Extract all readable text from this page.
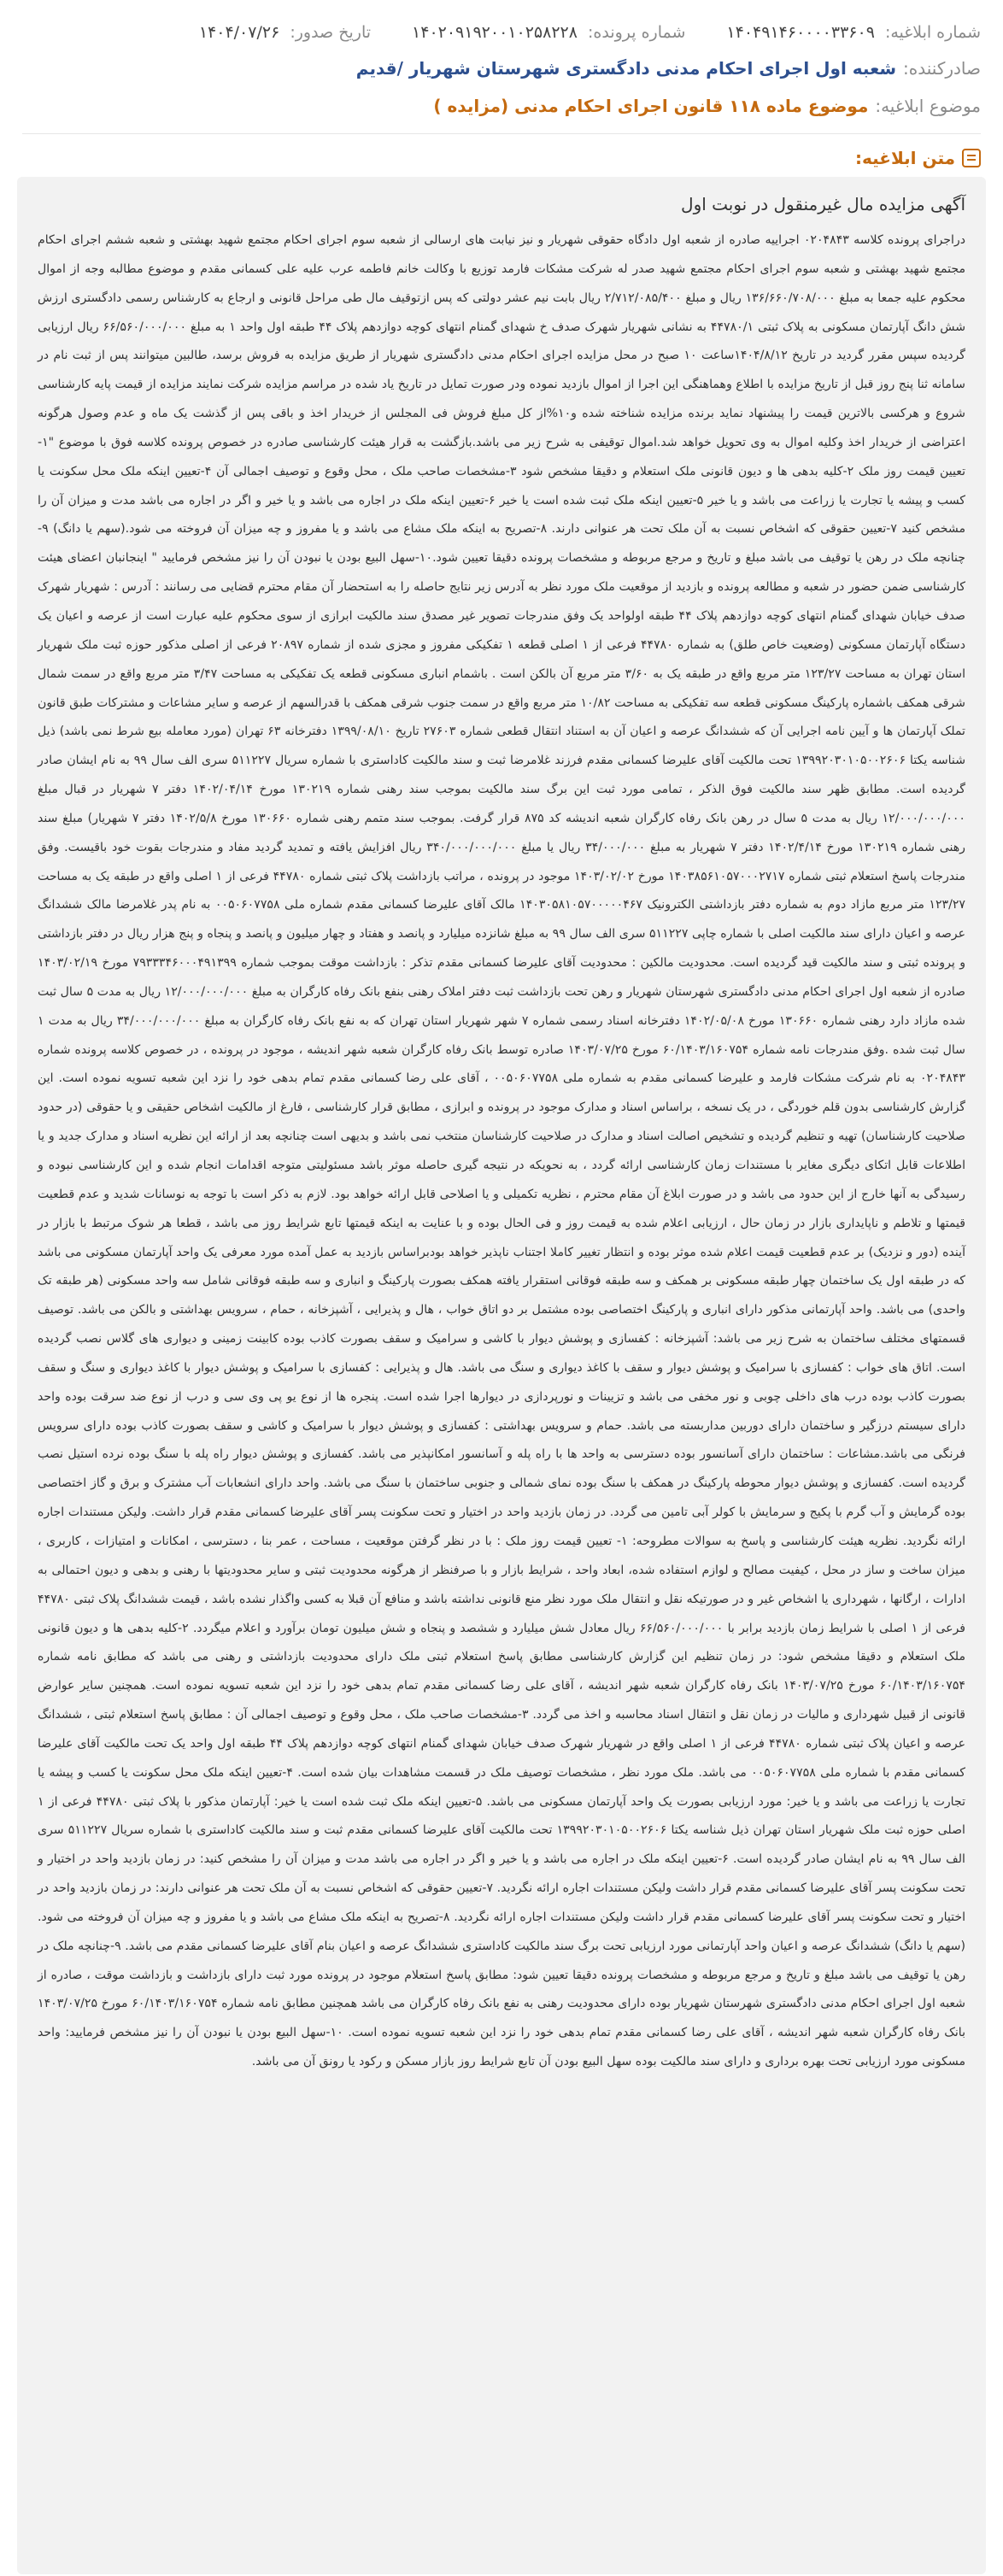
شماره ابلاغیه: ۱۴۰۴۹۱۴۶۰۰۰۰۳۳۶۰۹
شماره پرونده: ۱۴۰۲۰۹۱۹۲۰۰۱۰۲۵۸۲۲۸
تاریخ صدور: ۱۴۰۴/۰۷/۲۶
صادرکننده:
شعبه اول اجرای احکام مدنی دادگستری شهرستان شهریار /قدیم
موضوع ابلاغیه:
موضوع ماده ۱۱۸ قانون اجرای احکام مدنی (مزایده )
متن ابلاغیه:
آگهی مزایده مال غیرمنقول در نوبت اول

دراجرای پرونده کلاسه ۰۲۰۴۸۴۳ اجراییه صادره از شعبه اول دادگاه حقوقی شهریار و نیز نیابت های ارسالی از شعبه سوم اجرای احکام مجتمع شهید بهشتی و شعبه ششم اجرای احکام مجتمع شهید بهشتی و شعبه سوم اجرای احکام مجتمع شهید صدر له شرکت مشکات فارمد توزیع با وکالت خانم فاطمه عرب علیه علی کسمانی مقدم و موضوع مطالبه وجه از اموال محکوم علیه جمعا به مبلغ ۱۳۶/۶۶۰/۷۰۸/۰۰۰ ریال و مبلغ ۲/۷۱۲/۰۸۵/۴۰۰ ریال بابت نیم عشر دولتی که پس ازتوقیف مال طی مراحل قانونی و ارجاع به کارشناس رسمی دادگستری ارزش شش دانگ آپارتمان مسکونی به پلاک ثبتی ۴۴۷۸۰/۱ به نشانی شهریار شهرک صدف خ شهدای گمنام انتهای کوچه دوازدهم پلاک ۴۴ طبقه اول واحد ۱ به مبلغ ۶۶/۵۶۰/۰۰۰/۰۰۰ ریال ارزیابی گردیده سپس مقرر گردید در تاریخ ۱۴۰۴/۸/۱۲ساعت ۱۰ صبح در محل مزایده اجرای احکام مدنی دادگستری شهریار از طریق مزایده به فروش برسد، طالبین میتوانند پس از ثبت نام در سامانه ثنا پنج روز قبل از تاریخ مزایده با اطلاع وهماهنگی این اجرا از اموال بازدید نموده ودر صورت تمایل در تاریخ یاد شده در مراسم مزایده شرکت نمایند مزایده از قیمت پایه کارشناسی شروع و هرکسی بالاترین قیمت را پیشنهاد نماید برنده مزایده شناخته شده و۱۰%از کل مبلغ فروش فی المجلس از خریدار اخذ و باقی پس از گذشت یک ماه و عدم وصول هرگونه اعتراضی از خریدار اخذ وکلیه اموال به وی تحویل خواهد شد.اموال توقیفی به شرح زیر می باشد.بازگشت به قرار هیئت کارشناسی صادره در خصوص پرونده کلاسه فوق با موضوع "۱-تعیین قیمت روز ملک ۲-کلیه بدهی ها و دیون قانونی ملک استعلام و دقیقا مشخص شود ۳-مشخصات صاحب ملک ، محل وقوع و توصیف اجمالی آن ۴-تعیین اینکه ملک محل سکونت یا کسب و پیشه یا تجارت یا زراعت می باشد و یا خیر ۵-تعیین اینکه ملک ثبت شده است یا خیر ۶-تعیین اینکه ملک در اجاره می باشد و یا خیر و اگر در اجاره می باشد مدت و میزان آن را مشخص کنید ۷-تعیین حقوقی که اشخاص نسبت به آن ملک تحت هر عنوانی دارند. ۸-تصریح به اینکه ملک مشاع می باشد و یا مفروز و چه میزان آن فروخته می شود.(سهم یا دانگ) ۹-چنانچه ملک در رهن یا توقیف می باشد مبلغ و تاریخ و مرجع مربوطه و مشخصات پرونده دقیقا تعیین شود.۱۰-سهل البیع بودن یا نبودن آن را نیز مشخص فرمایید " اینجانبان اعضای هیئت کارشناسی ضمن حضور در شعبه و مطالعه پرونده و بازدید از موقعیت ملک مورد نظر به آدرس زیر نتایج حاصله را به استحضار آن مقام محترم قضایی می رسانند : آدرس : شهریار شهرک صدف خیابان شهدای گمنام انتهای کوچه دوازدهم پلاک ۴۴ طبقه اولواحد یک وفق مندرجات تصویر غیر مصدق سند مالکیت ابرازی از سوی محکوم علیه عبارت است از عرصه و اعیان یک دستگاه آپارتمان مسکونی (وضعیت خاص طلق) به شماره ۴۴۷۸۰ فرعی از ۱ اصلی قطعه ۱ تفکیکی مفروز و مجزی شده از شماره ۲۰۸۹۷ فرعی از اصلی مذکور حوزه ثبت ملک شهریار استان تهران به مساحت ۱۲۳/۲۷ متر مربع واقع در طبقه یک به ۳/۶۰ متر مربع آن بالکن است . باشمام انباری مسکونی قطعه یک تفکیکی به مساحت ۳/۴۷ متر مربع واقع در سمت شمال شرقی همکف باشماره پارکینگ مسکونی قطعه سه تفکیکی به مساحت ۱۰/۸۲ متر مربع واقع در سمت جنوب شرقی همکف با قدرالسهم از عرصه و سایر مشاعات و مشترکات طبق قانون تملک آپارتمان ها و آیین نامه اجرایی آن که ششدانگ عرصه و اعیان آن به استناد انتقال قطعی شماره ۲۷۶۰۳ تاریخ ۱۳۹۹/۰۸/۱۰ دفترخانه ۶۳ تهران (مورد معامله بیع شرط نمی باشد) ذیل شناسه یکتا ۱۳۹۹۲۰۳۰۱۰۵۰۰۲۶۰۶ تحت مالکیت آقای علیرضا کسمانی مقدم فرزند غلامرضا ثبت و سند مالکیت کاداستری با شماره سریال ۵۱۱۲۲۷ سری الف سال ۹۹ به نام ایشان صادر گردیده است. مطابق ظهر سند مالکیت فوق الذکر ، تمامی مورد ثبت این برگ سند مالکیت بموجب سند رهنی شماره ۱۳۰۲۱۹ مورخ ۱۴۰۲/۰۴/۱۴ دفتر ۷ شهریار در قبال مبلغ ۱۲/۰۰۰/۰۰۰/۰۰۰ ریال به مدت ۵ سال در رهن بانک رفاه کارگران شعبه اندیشه کد ۸۷۵ قرار گرفت. بموجب سند متمم رهنی شماره ۱۳۰۶۶۰ مورخ ۱۴۰۲/۵/۸ دفتر ۷ شهریار) مبلغ سند رهنی شماره ۱۳۰۲۱۹ مورخ ۱۴۰۲/۴/۱۴ دفتر ۷ شهریار به مبلغ ۳۴/۰۰۰/۰۰۰ ریال یا مبلغ ۳۴۰/۰۰۰/۰۰۰/۰۰۰ ریال افزایش یافته و تمدید گردید مفاد و مندرجات بقوت خود باقیست. وفق مندرجات پاسخ استعلام ثبتی شماره ۱۴۰۳۸۵۶۱۰۵۷۰۰۰۲۷۱۷ مورخ ۱۴۰۳/۰۲/۰۲ موجود در پرونده ، مراتب بازداشت پلاک ثبتی شماره ۴۴۷۸۰ فرعی از ۱ اصلی واقع در طبقه یک به مساحت ۱۲۳/۲۷ متر مربع مازاد دوم به شماره دفتر بازداشتی الکترونیک ۱۴۰۳۰۵۸۱۰۵۷۰۰۰۰۰۴۶۷ مالک آقای علیرضا کسمانی مقدم شماره ملی ۰۰۵۰۶۰۷۷۵۸ به نام پدر غلامرضا مالک ششدانگ عرصه و اعیان دارای سند مالکیت اصلی با شماره چاپی ۵۱۱۲۲۷ سری الف سال ۹۹ به مبلغ شانزده میلیارد و پانصد و هفتاد و چهار میلیون و پانصد و پنجاه و پنج هزار ریال در دفتر بازداشتی و پرونده ثبتی و سند مالکیت قید گردیده است. محدودیت مالکین : محدودیت آقای علیرضا کسمانی مقدم تذکر : بازداشت موقت بموجب شماره ۷۹۳۳۳۴۶۰۰۰۴۹۱۳۹۹ مورخ ۱۴۰۳/۰۲/۱۹ صادره از شعبه اول اجرای احکام مدنی دادگستری شهرستان شهریار و رهن تحت بازداشت ثبت دفتر املاک رهنی بنفع بانک رفاه کارگران به مبلغ ۱۲/۰۰۰/۰۰۰/۰۰۰ ریال به مدت ۵ سال ثبت شده مازاد دارد رهنی شماره ۱۳۰۶۶۰ مورخ ۱۴۰۲/۰۵/۰۸ دفترخانه اسناد رسمی شماره ۷ شهر شهریار استان تهران که به نفع بانک رفاه کارگران به مبلغ ۳۴/۰۰۰/۰۰۰/۰۰۰ ریال به مدت ۱ سال ثبت شده .وفق مندرجات نامه شماره ۶۰/۱۴۰۳/۱۶۰۷۵۴ مورخ ۱۴۰۳/۰۷/۲۵ صادره توسط بانک رفاه کارگران شعبه شهر اندیشه ، موجود در پرونده ، در خصوص کلاسه پرونده شماره ۰۲۰۴۸۴۳ به نام شرکت مشکات فارمد و علیرضا کسمانی مقدم به شماره ملی ۰۰۵۰۶۰۷۷۵۸ ، آقای علی رضا کسمانی مقدم تمام بدهی خود را نزد این شعبه تسویه نموده است. این گزارش کارشناسی بدون قلم خوردگی ، در یک نسخه ، براساس اسناد و مدارک موجود در پرونده و ابرازی ، مطابق قرار کارشناسی ، فارغ از مالکیت اشخاص حقیقی و یا حقوقی (در حدود صلاحیت کارشناسان) تهیه و تنظیم گردیده و تشخیص اصالت اسناد و مدارک در صلاحیت کارشناسان منتخب نمی باشد و بدیهی است چنانچه بعد از ارائه این نظریه اسناد و مدارک جدید و یا اطلاعات قابل اتکای دیگری مغایر با مستندات زمان کارشناسی ارائه گردد ، به نحویکه در نتیجه گیری حاصله موثر باشد مسئولیتی متوجه اقدامات انجام شده و این کارشناسی نبوده و رسیدگی به آنها خارج از این حدود می باشد و در صورت ابلاغ آن مقام محترم ، نظریه تکمیلی و یا اصلاحی قابل ارائه خواهد بود. لازم به ذکر است با توجه به نوسانات شدید و عدم قطعیت قیمتها و تلاطم و ناپایداری بازار در زمان حال ، ارزیابی اعلام شده به قیمت روز و فی الحال بوده و با عنایت به اینکه قیمتها تابع شرایط روز می باشد ، قطعا هر شوک مرتبط با بازار در آینده (دور و نزدیک) بر عدم قطعیت قیمت اعلام شده موثر بوده و انتظار تغییر کاملا اجتناب ناپذیر خواهد بودبراساس بازدید به عمل آمده مورد معرفی یک واحد آپارتمان مسکونی می باشد که در طبقه اول یک ساختمان چهار طبقه مسکونی بر همکف و سه طبقه فوقانی استقرار یافته همکف بصورت پارکینگ و انباری و سه طبقه فوقانی شامل سه واحد مسکونی (هر طبقه تک واحدی) می باشد. واحد آپارتمانی مذکور دارای انباری و پارکینگ اختصاصی بوده مشتمل بر دو اتاق خواب ، هال و پذیرایی ، آشپزخانه ، حمام ، سرویس بهداشتی و بالکن می باشد. توصیف قسمتهای مختلف ساختمان به شرح زیر می باشد: آشپزخانه : کفسازی و پوشش دیوار با کاشی و سرامیک و سقف بصورت کاذب بوده کابینت زمینی و دیواری های گلاس نصب گردیده است. اتاق های خواب : کفسازی با سرامیک و پوشش دیوار و سقف با کاغذ دیواری و سنگ می باشد. هال و پذیرایی : کفسازی با سرامیک و پوشش دیوار با کاغذ دیواری و سنگ و سقف بصورت کاذب بوده درب های داخلی چوبی و نور مخفی می باشد و تزیینات و نورپردازی در دیوارها اجرا شده است. پنجره ها از نوع یو پی وی سی و درب از نوع ضد سرقت بوده واحد دارای سیستم درزگیر و ساختمان دارای دوربین مداربسته می باشد. حمام و سرویس بهداشتی : کفسازی و پوشش دیوار با سرامیک و کاشی و سقف بصورت کاذب بوده دارای سرویس فرنگی می باشد.مشاعات : ساختمان دارای آسانسور بوده دسترسی به واحد ها با راه پله و آسانسور امکانپذیر می باشد. کفسازی و پوشش دیوار راه پله با سنگ بوده نرده استیل نصب گردیده است. کفسازی و پوشش دیوار محوطه پارکینگ در همکف با سنگ بوده نمای شمالی و جنوبی ساختمان با سنگ می باشد. واحد دارای انشعابات آب مشترک و برق و گاز اختصاصی بوده گرمایش و آب گرم با پکیج و سرمایش با کولر آبی تامین می گردد. در زمان بازدید واحد در اختیار و تحت سکونت پسر آقای علیرضا کسمانی مقدم قرار داشت. ولیکن مستندات اجاره ارائه نگردید. نظریه هیئت کارشناسی و پاسخ به سوالات مطروحه: ۱- تعیین قیمت روز ملک : با در نظر گرفتن موقعیت ، مساحت ، عمر بنا ، دسترسی ، امکانات و امتیازات ، کاربری ، میزان ساخت و ساز در محل ، کیفیت مصالح و لوازم استفاده شده، ابعاد واحد ، شرایط بازار و با صرفنظر از هرگونه محدودیت ثبتی و سایر محدودیتها با رهنی و بدهی و دیون احتمالی به ادارات ، ارگانها ، شهرداری یا اشخاص غیر و در صورتیکه نقل و انتقال ملک مورد نظر منع قانونی نداشته باشد و منافع آن قبلا به کسی واگذار نشده باشد ، قیمت ششدانگ پلاک ثبتی ۴۴۷۸۰ فرعی از ۱ اصلی با شرایط زمان بازدید برابر با ۶۶/۵۶۰/۰۰۰/۰۰۰ ریال معادل شش میلیارد و ششصد و پنجاه و شش میلیون تومان برآورد و اعلام میگردد. ۲-کلیه بدهی ها و دیون قانونی ملک استعلام و دقیقا مشخص شود: در زمان تنظیم این گزارش کارشناسی مطابق پاسخ استعلام ثبتی ملک دارای محدودیت بازداشتی و رهنی می باشد که مطابق نامه شماره ۶۰/۱۴۰۳/۱۶۰۷۵۴ مورخ ۱۴۰۳/۰۷/۲۵ بانک رفاه کارگران شعبه شهر اندیشه ، آقای علی رضا کسمانی مقدم تمام بدهی خود را نزد این شعبه تسویه نموده است. همچنین سایر عوارض قانونی از قبیل شهرداری و مالیات در زمان نقل و انتقال اسناد محاسبه و اخذ می گردد. ۳-مشخصات صاحب ملک ، محل وقوع و توصیف اجمالی آن : مطابق پاسخ استعلام ثبتی ، ششدانگ عرصه و اعیان پلاک ثبتی شماره ۴۴۷۸۰ فرعی از ۱ اصلی واقع در شهریار شهرک صدف خیابان شهدای گمنام انتهای کوچه دوازدهم پلاک ۴۴ طبقه اول واحد یک تحت مالکیت آقای علیرضا کسمانی مقدم با شماره ملی ۰۰۵۰۶۰۷۷۵۸ می باشد. ملک مورد نظر ، مشخصات توصیف ملک در قسمت مشاهدات بیان شده است. ۴-تعیین اینکه ملک محل سکونت یا کسب و پیشه یا تجارت یا زراعت می باشد و یا خیر: مورد ارزیابی بصورت یک واحد آپارتمان مسکونی می باشد. ۵-تعیین اینکه ملک ثبت شده است یا خیر: آپارتمان مذکور با پلاک ثبتی ۴۴۷۸۰ فرعی از ۱ اصلی حوزه ثبت ملک شهریار استان تهران ذیل شناسه یکتا ۱۳۹۹۲۰۳۰۱۰۵۰۰۲۶۰۶ تحت مالکیت آقای علیرضا کسمانی مقدم ثبت و سند مالکیت کاداستری با شماره سریال ۵۱۱۲۲۷ سری الف سال ۹۹ به نام ایشان صادر گردیده است. ۶-تعیین اینکه ملک در اجاره می باشد و یا خیر و اگر در اجاره می باشد مدت و میزان آن را مشخص کنید: در زمان بازدید واحد در اختیار و تحت سکونت پسر آقای علیرضا کسمانی مقدم قرار داشت ولیکن مستندات اجاره ارائه نگردید. ۷-تعیین حقوقی که اشخاص نسبت به آن ملک تحت هر عنوانی دارند: در زمان بازدید واحد در اختیار و تحت سکونت پسر آقای علیرضا کسمانی مقدم قرار داشت ولیکن مستندات اجاره ارائه نگردید. ۸-تصریح به اینکه ملک مشاع می باشد و یا مفروز و چه میزان آن فروخته می شود.(سهم یا دانگ) ششدانگ عرصه و اعیان واحد آپارتمانی مورد ارزیابی تحت برگ سند مالکیت کاداستری ششدانگ عرصه و اعیان بنام آقای علیرضا کسمانی مقدم می باشد. ۹-چنانچه ملک در رهن یا توقیف می باشد مبلغ و تاریخ و مرجع مربوطه و مشخصات پرونده دقیقا تعیین شود: مطابق پاسخ استعلام موجود در پرونده مورد ثبت دارای بازداشت و بازداشت موقت ، صادره از شعبه اول اجرای احکام مدنی دادگستری شهرستان شهریار بوده دارای محدودیت رهنی به نفع بانک رفاه کارگران می باشد همچنین مطابق نامه شماره ۶۰/۱۴۰۳/۱۶۰۷۵۴ مورخ ۱۴۰۳/۰۷/۲۵ بانک رفاه کارگران شعبه شهر اندیشه ، آقای علی رضا کسمانی مقدم تمام بدهی خود را نزد این شعبه تسویه نموده است. ۱۰-سهل البیع بودن یا نبودن آن را نیز مشخص فرمایید: واحد مسکونی مورد ارزیابی تحت بهره برداری و دارای سند مالکیت بوده سهل البیع بودن آن تابع شرایط روز بازار مسکن و رکود یا رونق آن می باشد.
